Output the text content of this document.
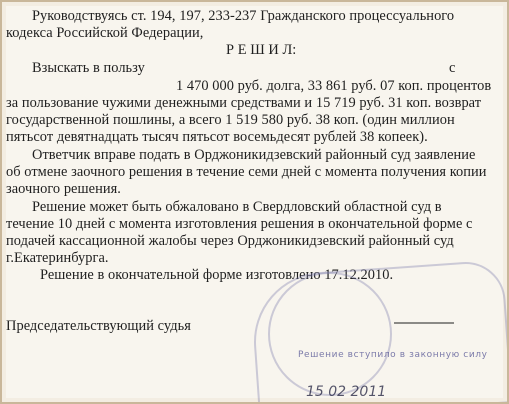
Руководствуясь ст. 194, 197, 233-237 Гражданского процессуального
кодекса Российской Федерации,
Р Е Ш И Л:
Взыскать в пользу	с
1 470 000 руб. долга, 33 861 руб. 07 коп. процентов
за пользование чужими денежными средствами и 15 719 руб. 31 коп. возврат
государственной пошлины, а всего 1 519 580 руб. 38 коп. (один миллион
пятьсот девятнадцать тысяч пятьсот восемьдесят рублей 38 копеек).
Ответчик вправе подать в Орджоникидзевский районный суд заявление
об отмене заочного решения в течение семи дней с момента получения копии
заочного решения.
Решение может быть обжаловано в Свердловский областной суд в
течение 10 дней с момента изготовления решения в окончательной форме с
подачей кассационной жалобы через Орджоникидзевский районный суд
г.Екатеринбурга.
Решение в окончательной форме изготовлено 17.12.2010.
Председательствующий судья
Решение вступило в законную силу
15 02 2011
